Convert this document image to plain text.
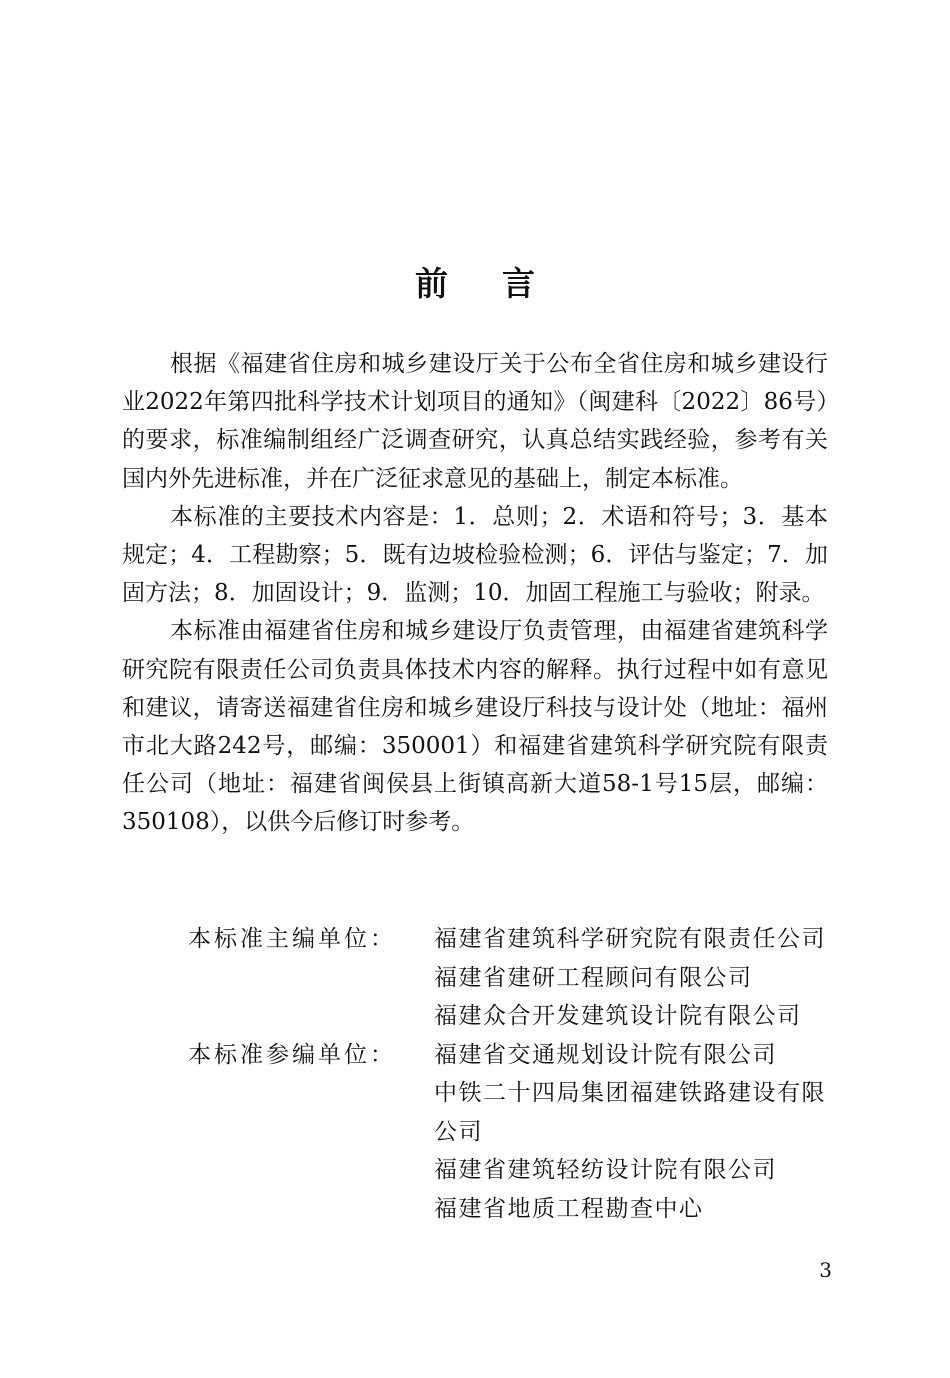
前言

根据《福建省住房和城乡建设厅关于公布全省住房和城乡建设行业2022年第四批科学技术计划项目的通知》（闽建科〔2022〕86号）的要求，标准编制组经广泛调查研究，认真总结实践经验，参考有关国内外先进标准，并在广泛征求意见的基础上，制定本标准。

本标准的主要技术内容是：1．总则；2．术语和符号；3．基本规定；4．工程勘察；5．既有边坡检验检测；6．评估与鉴定；7．加固方法；8．加固设计；9．监测；10．加固工程施工与验收；附录。

本标准由福建省住房和城乡建设厅负责管理，由福建省建筑科学研究院有限责任公司负责具体技术内容的解释。执行过程中如有意见和建议，请寄送福建省住房和城乡建设厅科技与设计处（地址：福州市北大路242号，邮编：350001）和福建省建筑科学研究院有限责任公司（地址：福建省闽侯县上街镇高新大道58-1号15层，邮编：350108），以供今后修订时参考。

本标准主编单位：	福建省建筑科学研究院有限责任公司
福建省建研工程顾问有限公司
福建众合开发建筑设计院有限公司
本标准参编单位：	福建省交通规划设计院有限公司
中铁二十四局集团福建铁路建设有限公司
福建省建筑轻纺设计院有限公司
福建省地质工程勘查中心
3
